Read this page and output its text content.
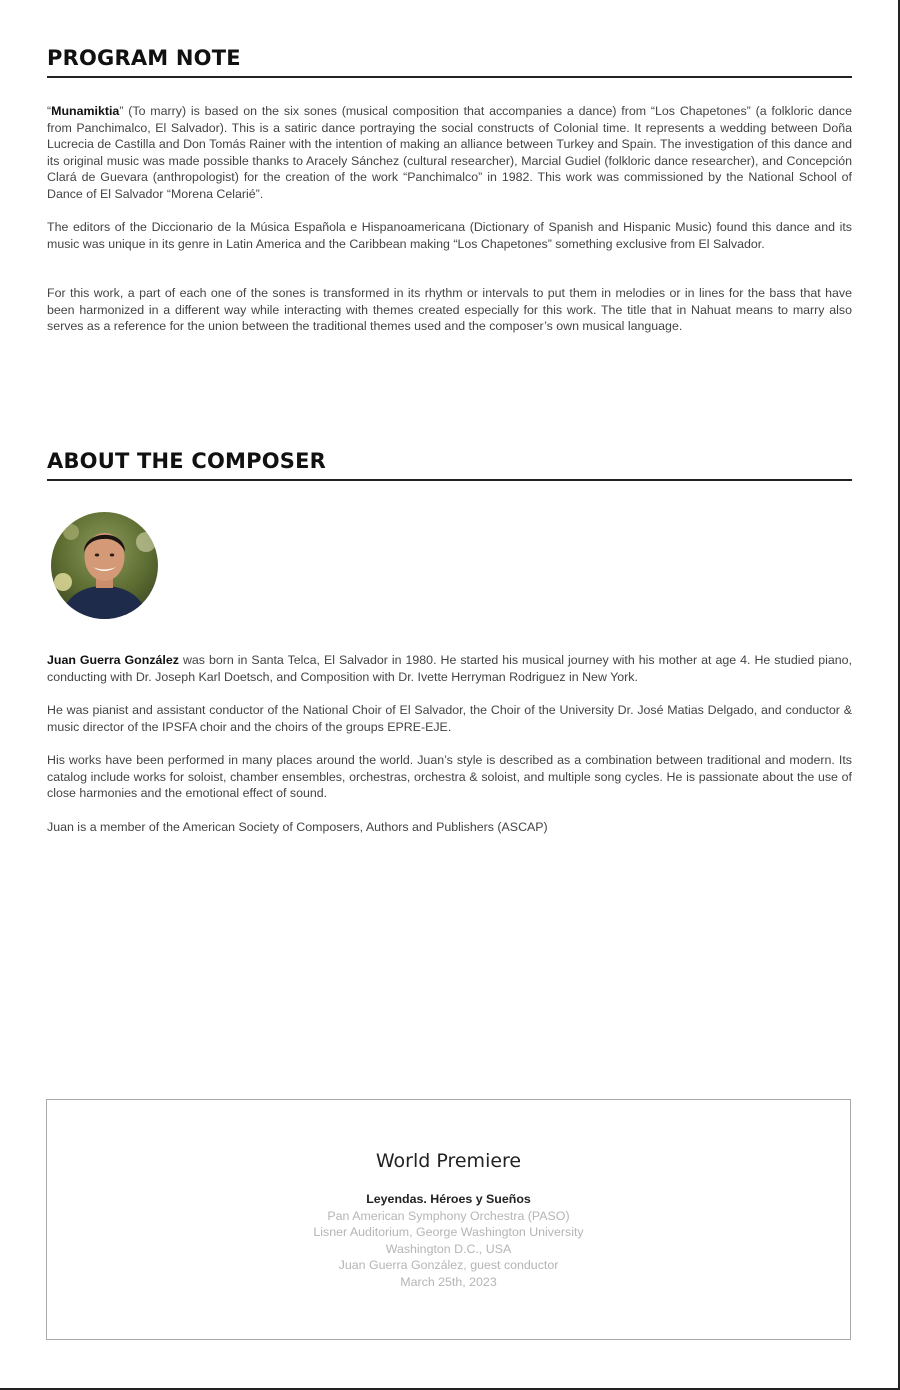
PROGRAM NOTE

“Munamiktia” (To marry) is based on the six sones (musical composition that accompanies a dance) from “Los Chapetones” (a folkloric dance from Panchimalco, El Salvador). This is a satiric dance portraying the social constructs of Colonial time. It represents a wedding between Doña Lucrecia de Castilla and Don Tomás Rainer with the intention of making an alliance between Turkey and Spain. The investigation of this dance and its original music was made possible thanks to Aracely Sánchez (cultural researcher), Marcial Gudiel (folkloric dance researcher), and Concepción Clará de Guevara (anthropologist) for the creation of the work “Panchimalco” in 1982. This work was commissioned by the National School of Dance of El Salvador “Morena Celarié”.

The editors of the Diccionario de la Música Española e Hispanoamericana (Dictionary of Spanish and Hispanic Music) found this dance and its music was unique in its genre in Latin America and the Caribbean making “Los Chapetones” something exclusive from El Salvador.

For this work, a part of each one of the sones is transformed in its rhythm or intervals to put them in melodies or in lines for the bass that have been harmonized in a different way while interacting with themes created especially for this work. The title that in Nahuat means to marry also serves as a reference for the union between the traditional themes used and the composer’s own musical language.

ABOUT THE COMPOSER

Juan Guerra González was born in Santa Telca, El Salvador in 1980. He started his musical journey with his mother at age 4. He studied piano, conducting with Dr. Joseph Karl Doetsch, and Composition with Dr. Ivette Herryman Rodriguez in New York.

He was pianist and assistant conductor of the National Choir of El Salvador, the Choir of the University Dr. José Matias Delgado, and conductor & music director of the IPSFA choir and the choirs of the groups EPRE-EJE.

His works have been performed in many places around the world. Juan’s style is described as a combination between traditional and modern. Its catalog include works for soloist, chamber ensembles, orchestras, orchestra & soloist, and multiple song cycles. He is passionate about the use of close harmonies and the emotional effect of sound.

Juan is a member of the American Society of Composers, Authors and Publishers (ASCAP)

World Premiere
Leyendas. Héroes y Sueños
Pan American Symphony Orchestra (PASO)
Lisner Auditorium, George Washington University
Washington D.C., USA
Juan Guerra González, guest conductor
March 25th, 2023
